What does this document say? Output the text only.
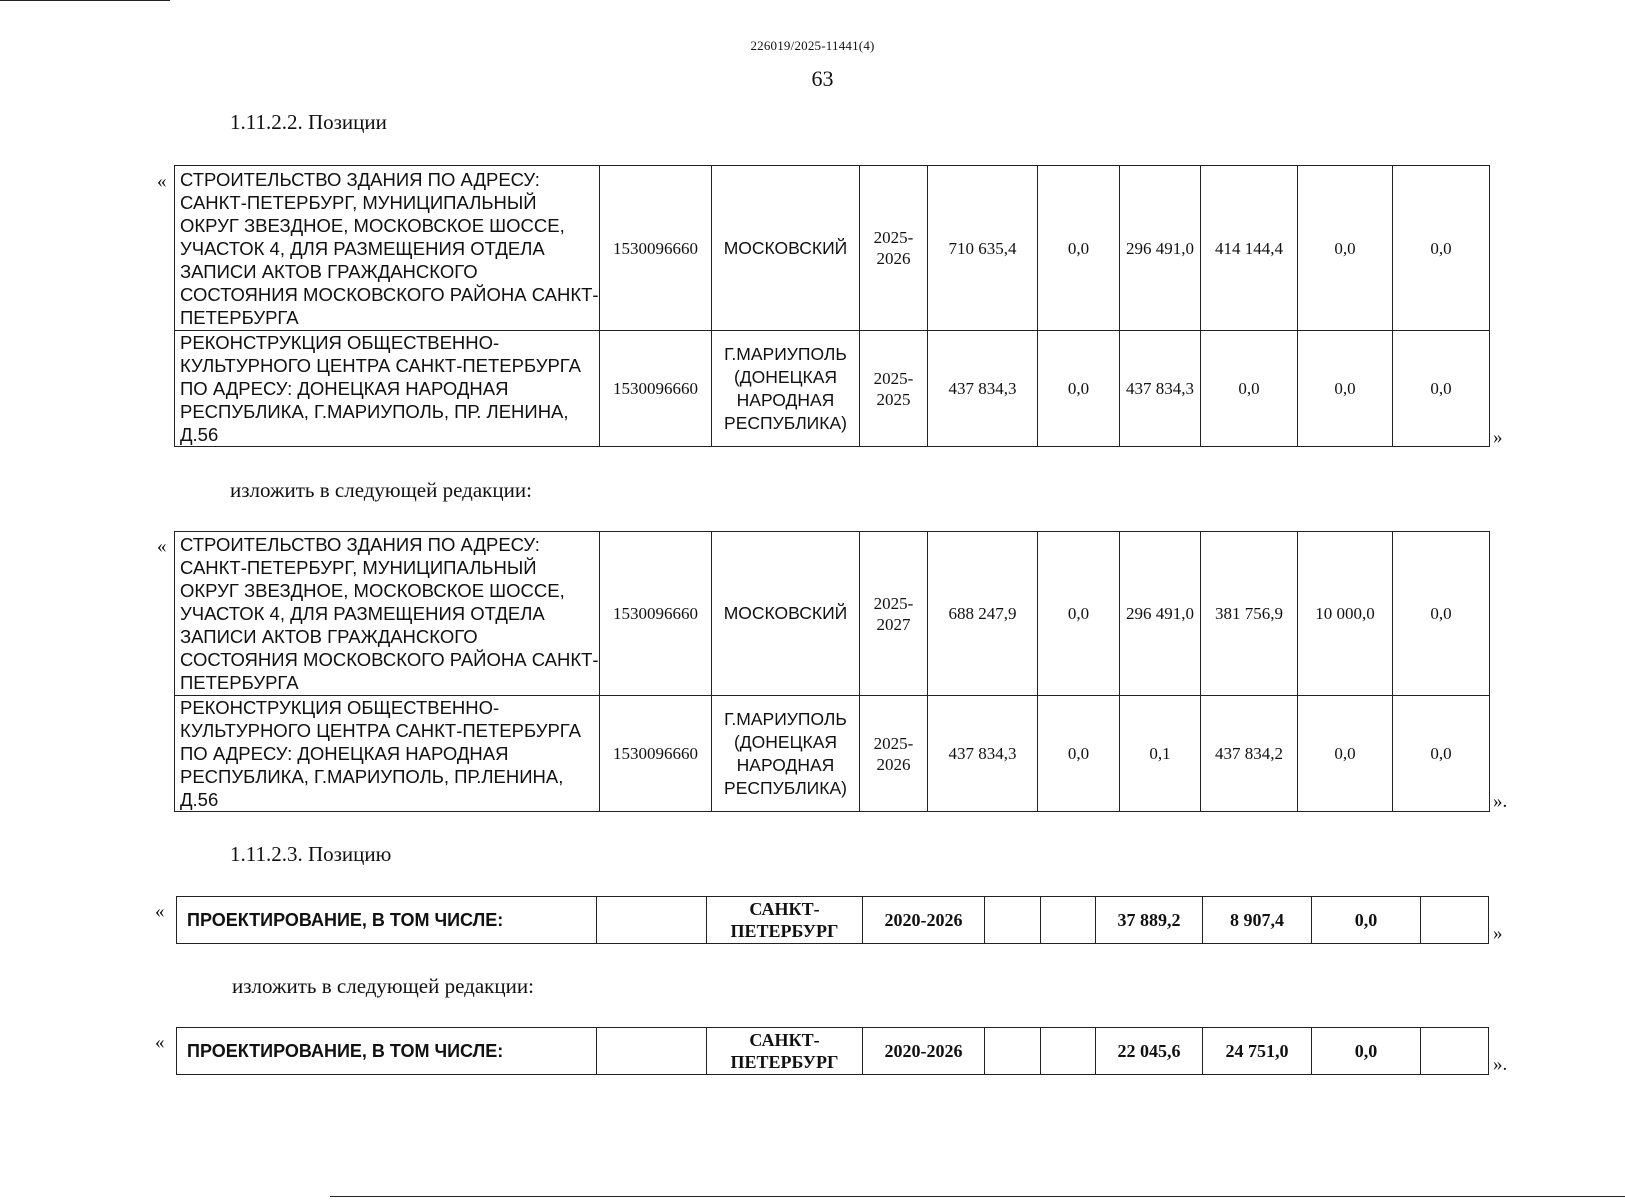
226019/2025-11441(4)
63
1.11.2.2. Позиции
« СТРОИТЕЛЬСТВО ЗДАНИЯ ПО АДРЕСУ: САНКТ-ПЕТЕРБУРГ, МУНИЦИПАЛЬНЫЙ ОКРУГ ЗВЕЗДНОЕ, МОСКОВСКОЕ ШОССЕ, УЧАСТОК 4, ДЛЯ РАЗМЕЩЕНИЯ ОТДЕЛА ЗАПИСИ АКТОВ ГРАЖДАНСКОГО СОСТОЯНИЯ МОСКОВСКОГО РАЙОНА САНКТ-ПЕТЕРБУРГА	1530096660	МОСКОВСКИЙ	2025-2026	710 635,4	0,0	296 491,0	414 144,4	0,0	0,0
РЕКОНСТРУКЦИЯ ОБЩЕСТВЕННО-КУЛЬТУРНОГО ЦЕНТРА САНКТ-ПЕТЕРБУРГА ПО АДРЕСУ: ДОНЕЦКАЯ НАРОДНАЯ РЕСПУБЛИКА, Г.МАРИУПОЛЬ, ПР. ЛЕНИНА, Д.56	1530096660	Г.МАРИУПОЛЬ (ДОНЕЦКАЯ НАРОДНАЯ РЕСПУБЛИКА)	2025-2025	437 834,3	0,0	437 834,3	0,0	0,0	0,0
»
изложить в следующей редакции:
« СТРОИТЕЛЬСТВО ЗДАНИЯ ПО АДРЕСУ: САНКТ-ПЕТЕРБУРГ, МУНИЦИПАЛЬНЫЙ ОКРУГ ЗВЕЗДНОЕ, МОСКОВСКОЕ ШОССЕ, УЧАСТОК 4, ДЛЯ РАЗМЕЩЕНИЯ ОТДЕЛА ЗАПИСИ АКТОВ ГРАЖДАНСКОГО СОСТОЯНИЯ МОСКОВСКОГО РАЙОНА САНКТ-ПЕТЕРБУРГА	1530096660	МОСКОВСКИЙ	2025-2027	688 247,9	0,0	296 491,0	381 756,9	10 000,0	0,0
РЕКОНСТРУКЦИЯ ОБЩЕСТВЕННО-КУЛЬТУРНОГО ЦЕНТРА САНКТ-ПЕТЕРБУРГА ПО АДРЕСУ: ДОНЕЦКАЯ НАРОДНАЯ РЕСПУБЛИКА, Г.МАРИУПОЛЬ, ПР.ЛЕНИНА, Д.56	1530096660	Г.МАРИУПОЛЬ (ДОНЕЦКАЯ НАРОДНАЯ РЕСПУБЛИКА)	2025-2026	437 834,3	0,0	0,1	437 834,2	0,0	0,0
».
1.11.2.3. Позицию
« ПРОЕКТИРОВАНИЕ, В ТОМ ЧИСЛЕ:		САНКТ-ПЕТЕРБУРГ	2020-2026			37 889,2	8 907,4	0,0	
»
изложить в следующей редакции:
« ПРОЕКТИРОВАНИЕ, В ТОМ ЧИСЛЕ:		САНКТ-ПЕТЕРБУРГ	2020-2026			22 045,6	24 751,0	0,0	
».
